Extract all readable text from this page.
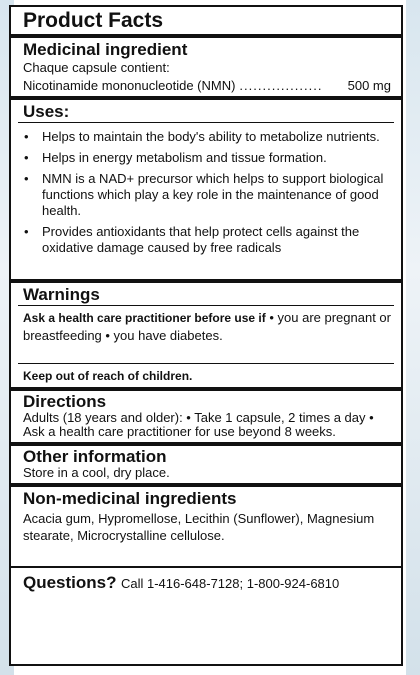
Product Facts
Medicinal ingredient
Chaque capsule contient:
Nicotinamide mononucleotide (NMN) ..................	500 mg
Uses:
•	Helps to maintain the body's ability to metabolize nutrients.
•	Helps in energy metabolism and tissue formation.
•	NMN is a NAD+ precursor which helps to support biological functions which play a key role in the maintenance of good health.
•	Provides antioxidants that help protect cells against the oxidative damage caused by free radicals
Warnings
Ask a health care practitioner before use if • you are pregnant or breastfeeding • you have diabetes.
Keep out of reach of children.
Directions
Adults (18 years and older): • Take 1 capsule, 2 times a day • Ask a health care practitioner for use beyond 8 weeks.
Other information
Store in a cool, dry place.
Non-medicinal ingredients
Acacia gum, Hypromellose, Lecithin (Sunflower), Magnesium stearate, Microcrystalline cellulose.
Questions? Call 1-416-648-7128; 1-800-924-6810
